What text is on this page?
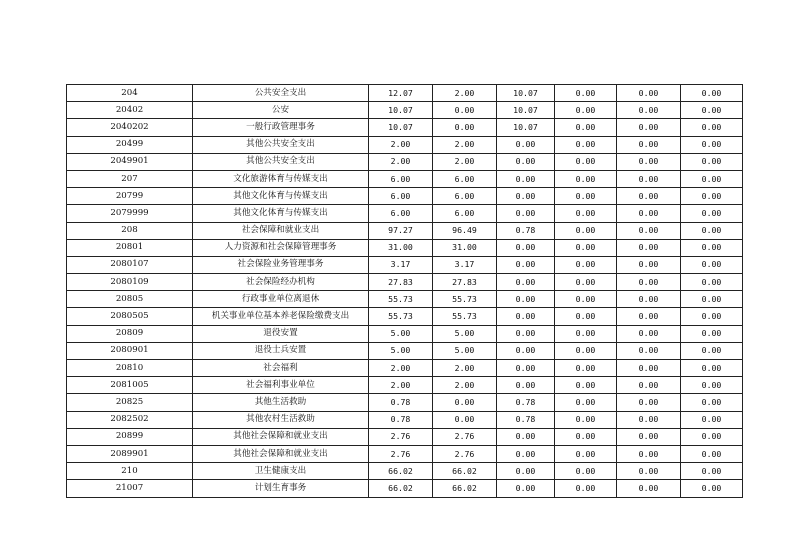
204	公共安全支出	12.07	2.00	10.07	0.00	0.00	0.00
20402	公安	10.07	0.00	10.07	0.00	0.00	0.00
2040202	一般行政管理事务	10.07	0.00	10.07	0.00	0.00	0.00
20499	其他公共安全支出	2.00	2.00	0.00	0.00	0.00	0.00
2049901	其他公共安全支出	2.00	2.00	0.00	0.00	0.00	0.00
207	文化旅游体育与传媒支出	6.00	6.00	0.00	0.00	0.00	0.00
20799	其他文化体育与传媒支出	6.00	6.00	0.00	0.00	0.00	0.00
2079999	其他文化体育与传媒支出	6.00	6.00	0.00	0.00	0.00	0.00
208	社会保障和就业支出	97.27	96.49	0.78	0.00	0.00	0.00
20801	人力资源和社会保障管理事务	31.00	31.00	0.00	0.00	0.00	0.00
2080107	社会保险业务管理事务	3.17	3.17	0.00	0.00	0.00	0.00
2080109	社会保险经办机构	27.83	27.83	0.00	0.00	0.00	0.00
20805	行政事业单位离退休	55.73	55.73	0.00	0.00	0.00	0.00
2080505	机关事业单位基本养老保险缴费支出	55.73	55.73	0.00	0.00	0.00	0.00
20809	退役安置	5.00	5.00	0.00	0.00	0.00	0.00
2080901	退役士兵安置	5.00	5.00	0.00	0.00	0.00	0.00
20810	社会福利	2.00	2.00	0.00	0.00	0.00	0.00
2081005	社会福利事业单位	2.00	2.00	0.00	0.00	0.00	0.00
20825	其他生活救助	0.78	0.00	0.78	0.00	0.00	0.00
2082502	其他农村生活救助	0.78	0.00	0.78	0.00	0.00	0.00
20899	其他社会保障和就业支出	2.76	2.76	0.00	0.00	0.00	0.00
2089901	其他社会保障和就业支出	2.76	2.76	0.00	0.00	0.00	0.00
210	卫生健康支出	66.02	66.02	0.00	0.00	0.00	0.00
21007	计划生育事务	66.02	66.02	0.00	0.00	0.00	0.00
